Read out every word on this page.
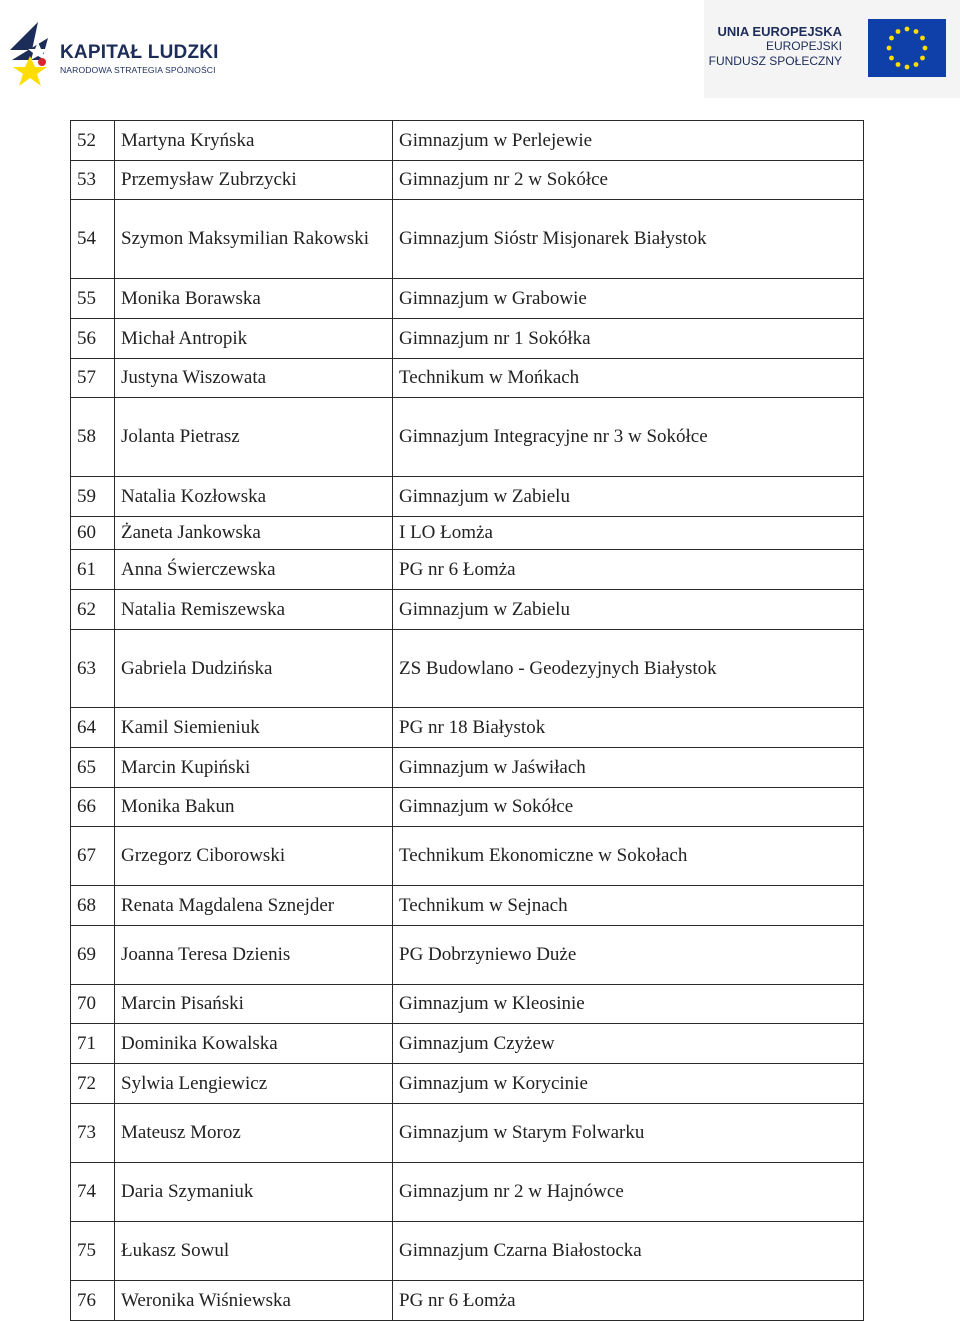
KAPITAŁ LUDZKI
NARODOWA STRATEGIA SPÓJNOŚCI
UNIA EUROPEJSKA
EUROPEJSKI
FUNDUSZ SPOŁECZNY
52	Martyna Kryńska	Gimnazjum w Perlejewie
53	Przemysław Zubrzycki	Gimnazjum nr 2 w Sokółce
54	Szymon Maksymilian Rakowski	Gimnazjum Sióstr Misjonarek Białystok
55	Monika Borawska	Gimnazjum w Grabowie
56	Michał Antropik	Gimnazjum nr 1 Sokółka
57	Justyna Wiszowata	Technikum w Mońkach
58	Jolanta Pietrasz	Gimnazjum Integracyjne nr 3 w Sokółce
59	Natalia Kozłowska	Gimnazjum w Zabielu
60	Żaneta Jankowska	I LO Łomża
61	Anna Świerczewska	PG nr 6 Łomża
62	Natalia Remiszewska	Gimnazjum w Zabielu
63	Gabriela Dudzińska	ZS Budowlano - Geodezyjnych Białystok
64	Kamil Siemieniuk	PG nr 18 Białystok
65	Marcin Kupiński	Gimnazjum w Jaświłach
66	Monika Bakun	Gimnazjum w Sokółce
67	Grzegorz Ciborowski	Technikum Ekonomiczne w Sokołach
68	Renata Magdalena Sznejder	Technikum w Sejnach
69	Joanna Teresa Dzienis	PG Dobrzyniewo Duże
70	Marcin Pisański	Gimnazjum w Kleosinie
71	Dominika Kowalska	Gimnazjum Czyżew
72	Sylwia Lengiewicz	Gimnazjum w Korycinie
73	Mateusz Moroz	Gimnazjum w Starym Folwarku
74	Daria Szymaniuk	Gimnazjum nr 2 w Hajnówce
75	Łukasz Sowul	Gimnazjum Czarna Białostocka
76	Weronika Wiśniewska	PG nr 6 Łomża
